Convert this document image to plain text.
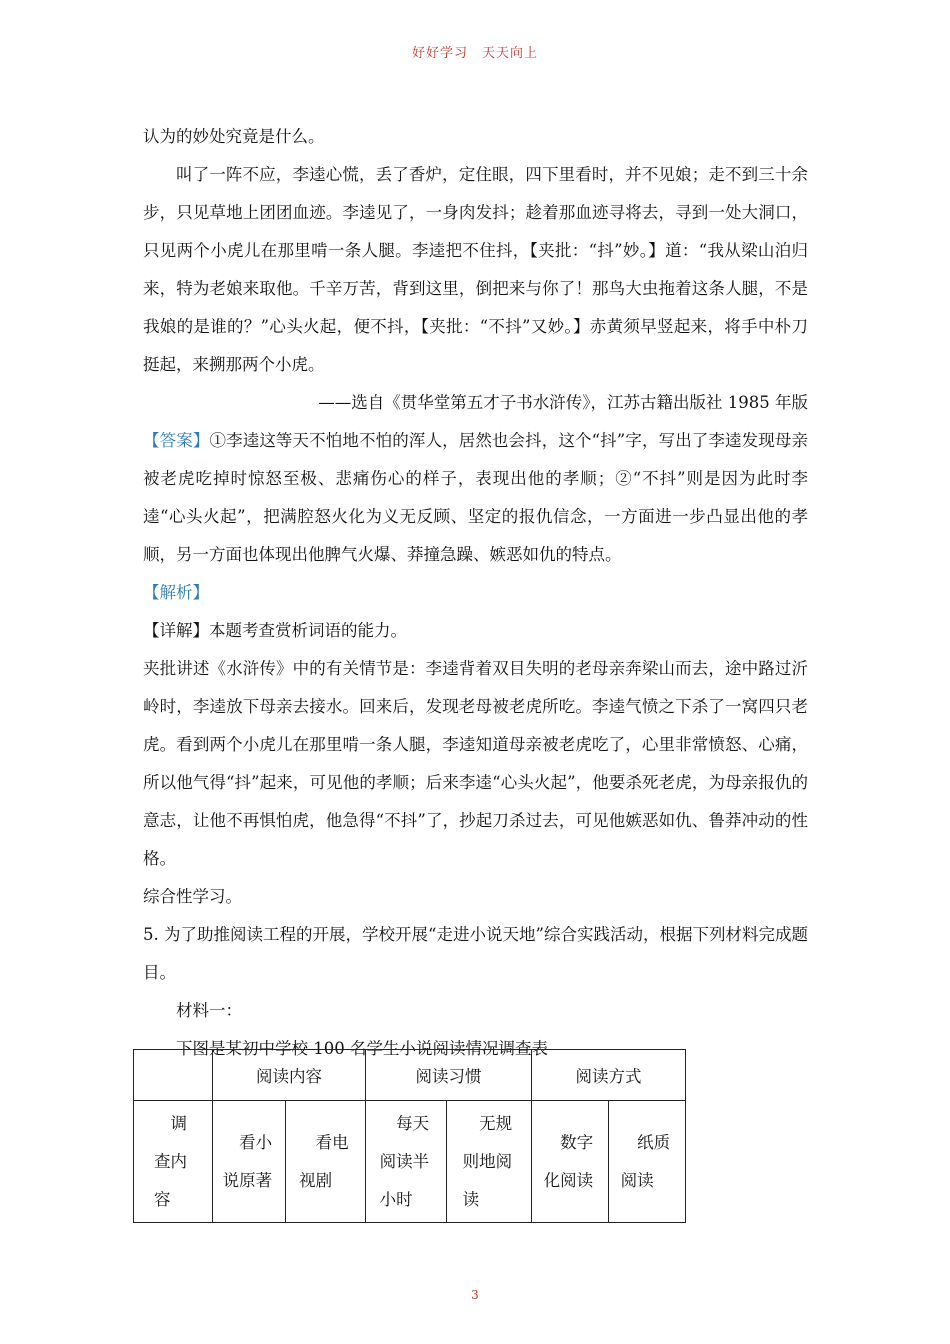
好好学习　天天向上

认为的妙处究竟是什么。

叫了一阵不应，李逵心慌，丢了香炉，定住眼，四下里看时，并不见娘；走不到三十余步，只见草地上团团血迹。李逵见了，一身肉发抖；趁着那血迹寻将去，寻到一处大洞口，只见两个小虎儿在那里啃一条人腿。李逵把不住抖，【夹批：“抖”妙。】道：“我从梁山泊归来，特为老娘来取他。千辛万苦，背到这里，倒把来与你了！那鸟大虫拖着这条人腿，不是我娘的是谁的？”心头火起，便不抖，【夹批：“不抖”又妙。】赤黄须早竖起来，将手中朴刀挺起，来搠那两个小虎。

——选自《贯华堂第五才子书水浒传》，江苏古籍出版社 1985 年版

【答案】①李逵这等天不怕地不怕的浑人，居然也会抖，这个“抖”字，写出了李逵发现母亲被老虎吃掉时惊怒至极、悲痛伤心的样子，表现出他的孝顺；②“不抖”则是因为此时李逵“心头火起”，把满腔怒火化为义无反顾、坚定的报仇信念，一方面进一步凸显出他的孝顺，另一方面也体现出他脾气火爆、莽撞急躁、嫉恶如仇的特点。

【解析】

【详解】本题考查赏析词语的能力。

夹批讲述《水浒传》中的有关情节是：李逵背着双目失明的老母亲奔梁山而去，途中路过沂岭时，李逵放下母亲去接水。回来后，发现老母被老虎所吃。李逵气愤之下杀了一窝四只老虎。看到两个小虎儿在那里啃一条人腿，李逵知道母亲被老虎吃了，心里非常愤怒、心痛，所以他气得“抖”起来，可见他的孝顺；后来李逵“心头火起”，他要杀死老虎，为母亲报仇的意志，让他不再惧怕虎，他急得“不抖”了，抄起刀杀过去，可见他嫉恶如仇、鲁莽冲动的性格。

综合性学习。

5. 为了助推阅读工程的开展，学校开展“走进小说天地”综合实践活动，根据下列材料完成题目。

材料一：

下图是某初中学校 100 名学生小说阅读情况调查表

	阅读内容		阅读习惯		阅读方式	

调查内容	看小说原著	看电视剧	每天阅读半小时	无规则地阅读	数字化阅读	纸质阅读
3
